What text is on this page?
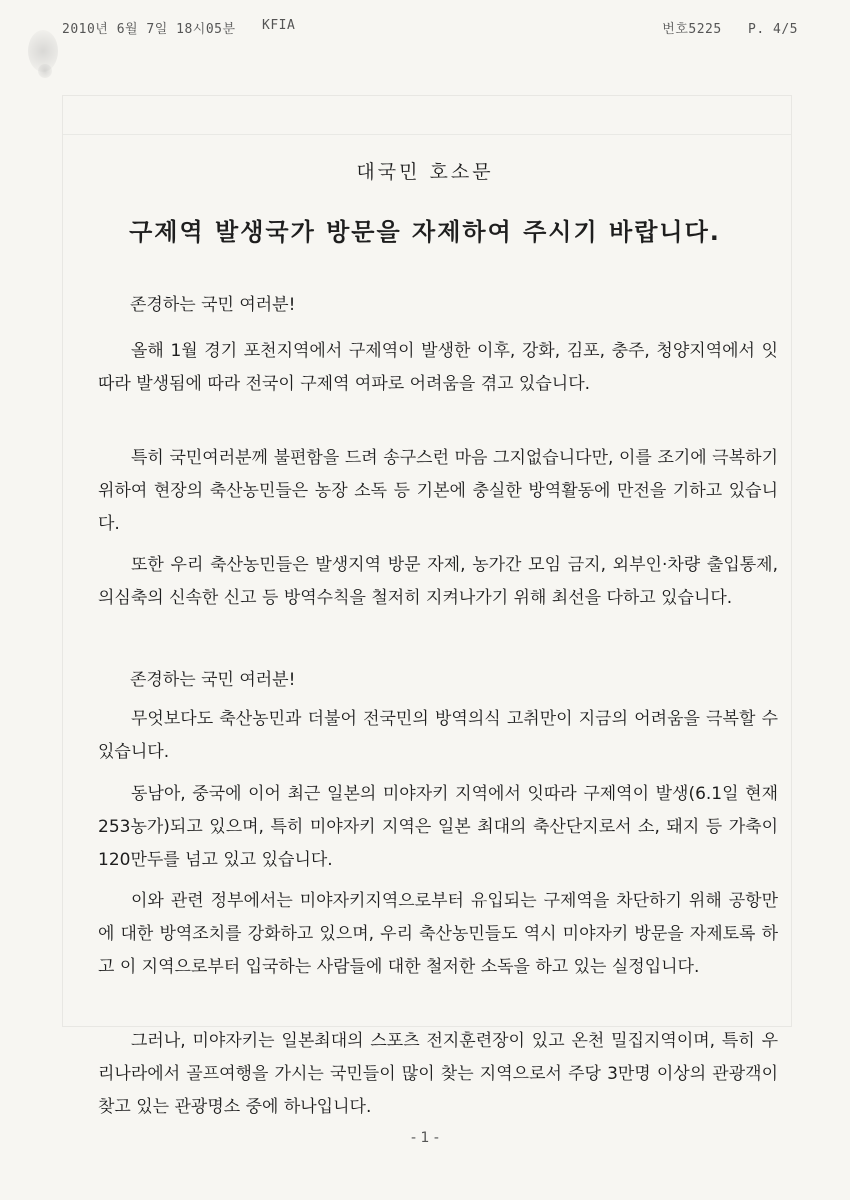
2010년 6월 7일 18시05분 KFIA	번호5225 P. 4/5
대국민 호소문
구제역 발생국가 방문을 자제하여 주시기 바랍니다.
존경하는 국민 여러분!

올해 1월 경기 포천지역에서 구제역이 발생한 이후, 강화, 김포, 충주, 청양지역에서 잇따라 발생됨에 따라 전국이 구제역 여파로 어려움을 겪고 있습니다.

특히 국민여러분께 불편함을 드려 송구스런 마음 그지없습니다만, 이를 조기에 극복하기 위하여 현장의 축산농민들은 농장 소독 등 기본에 충실한 방역활동에 만전을 기하고 있습니다.

또한 우리 축산농민들은 발생지역 방문 자제, 농가간 모임 금지, 외부인·차량 출입통제, 의심축의 신속한 신고 등 방역수칙을 철저히 지켜나가기 위해 최선을 다하고 있습니다.

존경하는 국민 여러분!

무엇보다도 축산농민과 더불어 전국민의 방역의식 고취만이 지금의 어려움을 극복할 수 있습니다.

동남아, 중국에 이어 최근 일본의 미야자키 지역에서 잇따라 구제역이 발생(6.1일 현재 253농가)되고 있으며, 특히 미야자키 지역은 일본 최대의 축산단지로서 소, 돼지 등 가축이 120만두를 넘고 있고 있습니다.

이와 관련 정부에서는 미야자키지역으로부터 유입되는 구제역을 차단하기 위해 공항만에 대한 방역조치를 강화하고 있으며, 우리 축산농민들도 역시 미야자키 방문을 자제토록 하고 이 지역으로부터 입국하는 사람들에 대한 철저한 소독을 하고 있는 실정입니다.

그러나, 미야자키는 일본최대의 스포츠 전지훈련장이 있고 온천 밀집지역이며, 특히 우리나라에서 골프여행을 가시는 국민들이 많이 찾는 지역으로서 주당 3만명 이상의 관광객이 찾고 있는 관광명소 중에 하나입니다.

- 1 -
